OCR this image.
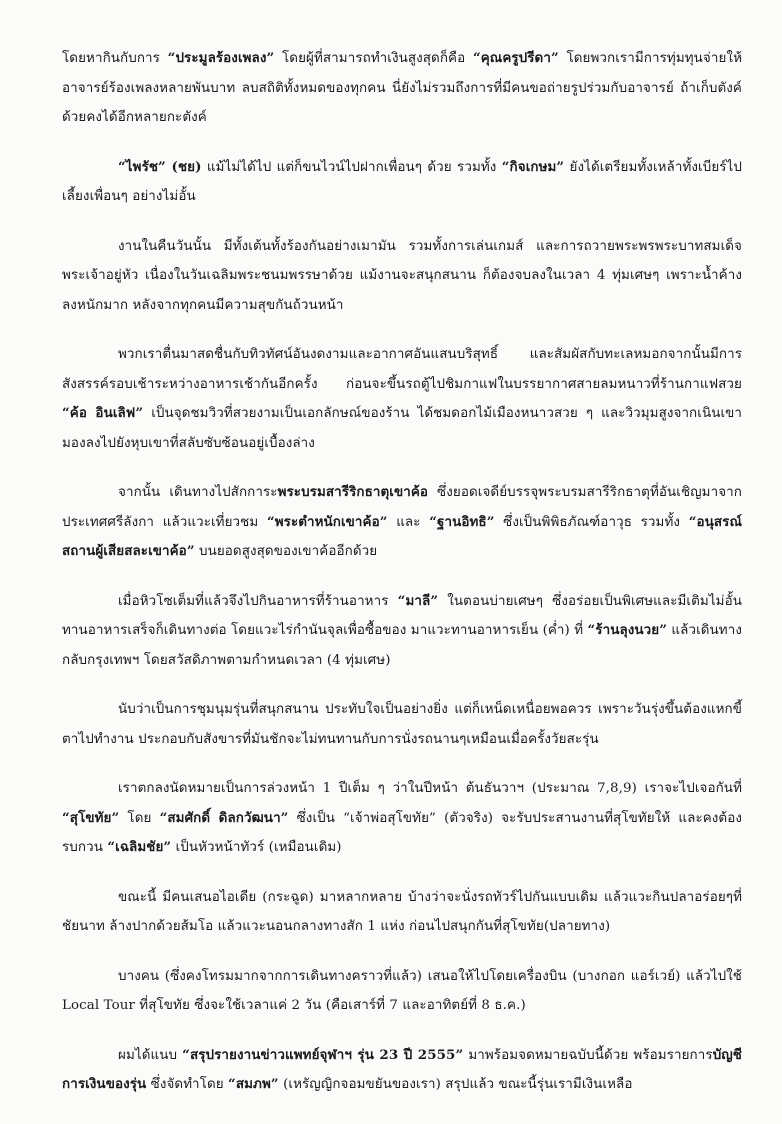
โดยหากินกับการ “ประมูลร้องเพลง” โดยผู้ที่สามารถทำเงินสูงสุดก็คือ “คุณครูปรีดา” โดยพวกเรามีการทุ่มทุนจ่ายให้อาจารย์ร้องเพลงหลายพันบาท ลบสถิติทั้งหมดของทุกคน นี่ยังไม่รวมถึงการที่มีคนขอถ่ายรูปร่วมกับอาจารย์ ถ้าเก็บตังค์ด้วยคงได้อีกหลายกะตังค์

“ไพรัช” (ชย) แม้ไม่ได้ไป แต่ก็ขนไวน์ไปฝากเพื่อนๆ ด้วย รวมทั้ง “กิจเกษม” ยังได้เตรียมทั้งเหล้าทั้งเบียร์ไปเลี้ยงเพื่อนๆ อย่างไม่อั้น

งานในคืนวันนั้น มีทั้งเต้นทั้งร้องกันอย่างเมามัน รวมทั้งการเล่นเกมส์ และการถวายพระพรพระบาทสมเด็จพระเจ้าอยู่หัว เนื่องในวันเฉลิมพระชนมพรรษาด้วย แม้งานจะสนุกสนาน ก็ต้องจบลงในเวลา 4 ทุ่มเศษๆ เพราะน้ำค้างลงหนักมาก หลังจากทุกคนมีความสุขกันถ้วนหน้า

พวกเราตื่นมาสดชื่นกับทิวทัศน์อันงดงามและอากาศอันแสนบริสุทธิ์ และสัมผัสกับทะเลหมอกจากนั้นมีการสังสรรค์รอบเช้าระหว่างอาหารเช้ากันอีกครั้ง ก่อนจะขึ้นรถตู้ไปชิมกาแฟในบรรยากาศสายลมหนาวที่ร้านกาแฟสวย “ค้อ อินเลิฟ” เป็นจุดชมวิวที่สวยงามเป็นเอกลักษณ์ของร้าน ได้ชมดอกไม้เมืองหนาวสวย ๆ และวิวมุมสูงจากเนินเขา มองลงไปยังหุบเขาที่สลับซับซ้อนอยู่เบื้องล่าง

จากนั้น เดินทางไปสักการะพระบรมสารีริกธาตุเขาค้อ ซึ่งยอดเจดีย์บรรจุพระบรมสารีริกธาตุที่อันเชิญมาจากประเทศศรีลังกา แล้วแวะเที่ยวชม “พระตำหนักเขาค้อ” และ “ฐานอิทธิ” ซึ่งเป็นพิพิธภัณฑ์อาวุธ รวมทั้ง “อนุสรณ์สถานผู้เสียสละเขาค้อ” บนยอดสูงสุดของเขาค้ออีกด้วย

เมื่อหิวโซเต็มที่แล้วจึงไปกินอาหารที่ร้านอาหาร “มาลี” ในตอนบ่ายเศษๆ ซึ่งอร่อยเป็นพิเศษและมีเติมไม่อั้น ทานอาหารเสร็จก็เดินทางต่อ โดยแวะไร่กำนันจุลเพื่อซื้อของ มาแวะทานอาหารเย็น (ค่ำ) ที่ “ร้านลุงนวย” แล้วเดินทางกลับกรุงเทพฯ โดยสวัสดิภาพตามกำหนดเวลา (4 ทุ่มเศษ)

นับว่าเป็นการชุมนุมรุ่นที่สนุกสนาน ประทับใจเป็นอย่างยิ่ง แต่ก็เหน็ดเหนื่อยพอควร เพราะวันรุ่งขึ้นต้องแหกขี้ตาไปทำงาน ประกอบกับสังขารที่มันชักจะไม่ทนทานกับการนั่งรถนานๆเหมือนเมื่อครั้งวัยสะรุ่น

เราตกลงนัดหมายเป็นการล่วงหน้า 1 ปีเต็ม ๆ ว่าในปีหน้า ต้นธันวาฯ (ประมาณ 7,8,9) เราจะไปเจอกันที่ “สุโขทัย” โดย “สมศักดิ์ ดิลกวัฒนา” ซึ่งเป็น “เจ้าพ่อสุโขทัย” (ตัวจริง) จะรับประสานงานที่สุโขทัยให้ และคงต้องรบกวน “เฉลิมชัย” เป็นหัวหน้าทัวร์ (เหมือนเดิม)

ขณะนี้ มีคนเสนอไอเดีย (กระฉูด) มาหลากหลาย บ้างว่าจะนั่งรถทัวร์ไปกันแบบเดิม แล้วแวะกินปลาอร่อยๆที่ชัยนาท ล้างปากด้วยส้มโอ แล้วแวะนอนกลางทางสัก 1 แห่ง ก่อนไปสนุกกันที่สุโขทัย(ปลายทาง)

บางคน (ซึ่งคงโทรมมากจากการเดินทางคราวที่แล้ว) เสนอให้ไปโดยเครื่องบิน (บางกอก แอร์เวย์) แล้วไปใช้ Local Tour ที่สุโขทัย ซึ่งจะใช้เวลาแค่ 2 วัน (คือเสาร์ที่ 7 และอาทิตย์ที่ 8 ธ.ค.)

ผมได้แนบ “สรุปรายงานข่าวแพทย์จุฬาฯ รุ่น 23 ปี 2555” มาพร้อมจดหมายฉบับนี้ด้วย พร้อมรายการบัญชีการเงินของรุ่น ซึ่งจัดทำโดย “สมภพ” (เหรัญญิกจอมขยันของเรา) สรุปแล้ว ขณะนี้รุ่นเรามีเงินเหลือ
